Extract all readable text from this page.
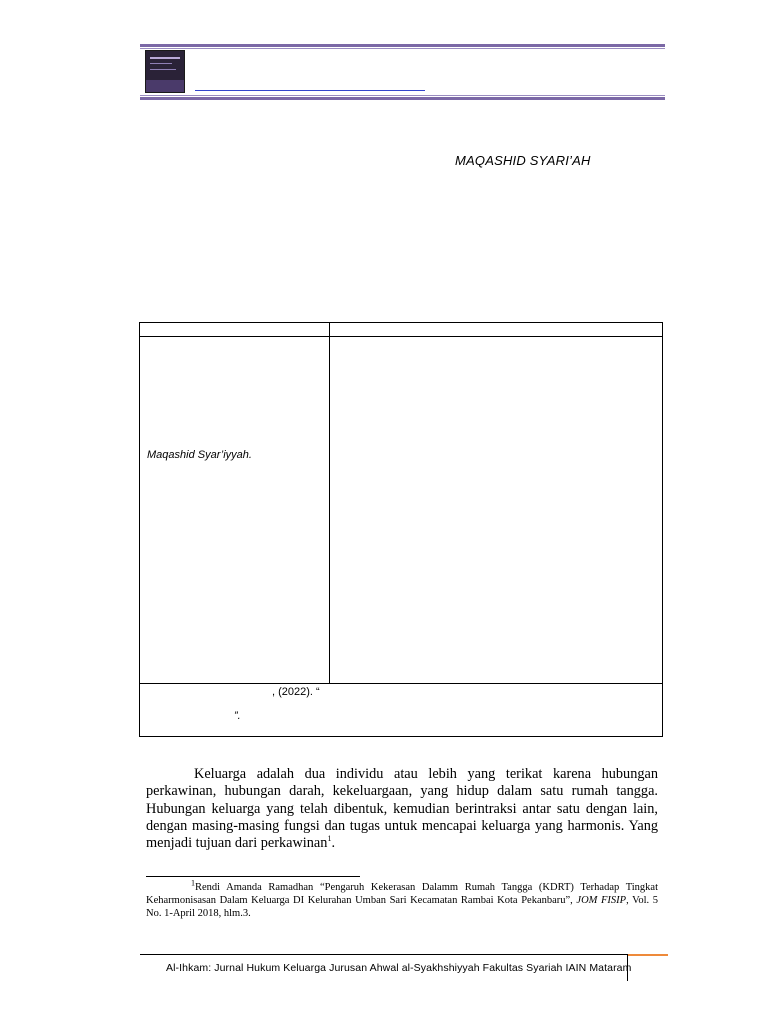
MAQASHID SYARI’AH

Maqashid Syar’iyyah.
, (2022). “
”.

Keluarga adalah dua individu atau lebih yang terikat karena hubungan perkawinan, hubungan darah, kekeluargaan, yang hidup dalam satu rumah tangga. Hubungan keluarga yang telah dibentuk, kemudian berintraksi antar satu dengan lain, dengan masing-masing fungsi dan tugas untuk mencapai keluarga yang harmonis. Yang menjadi tujuan dari perkawinan$^1$.

$^1$Rendi Amanda Ramadhan “Pengaruh Kekerasan Dalamm Rumah Tangga (KDRT) Terhadap Tingkat Keharmonisasan Dalam Keluarga DI Kelurahan Umban Sari Kecamatan Rambai Kota Pekanbaru”, JOM FISIP, Vol. 5 No. 1-April 2018, hlm.3.

Al-Ihkam: Jurnal Hukum Keluarga Jurusan Ahwal al-Syakhshiyyah Fakultas Syariah IAIN Mataram
